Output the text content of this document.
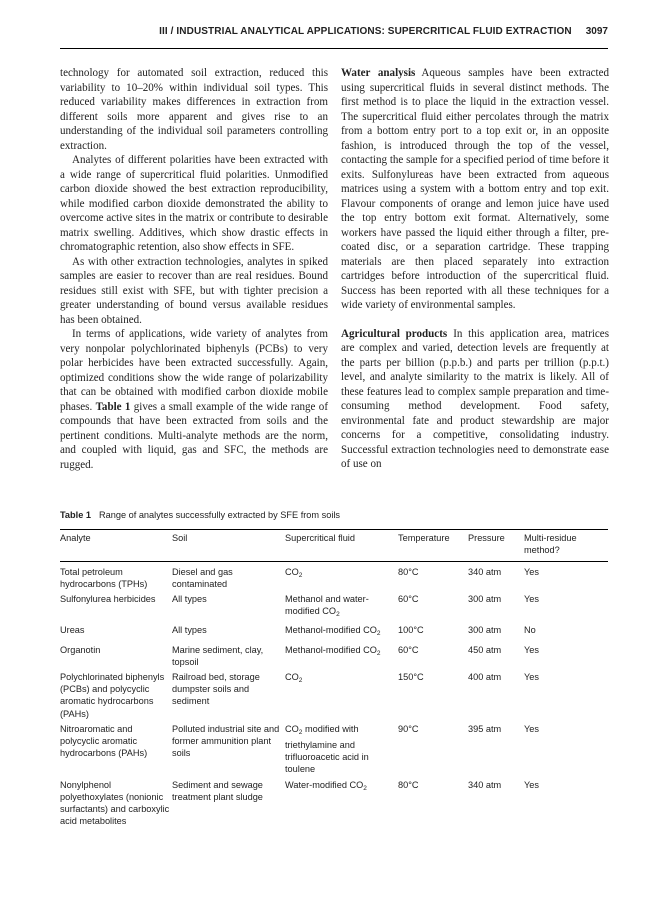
III / INDUSTRIAL ANALYTICAL APPLICATIONS: SUPERCRITICAL FLUID EXTRACTION 3097

technology for automated soil extraction, reduced this variability to 10–20% within individual soil types. This reduced variability makes differences in extraction from different soils more apparent and gives rise to an understanding of the individual soil parameters controlling extraction.

Analytes of different polarities have been extracted with a wide range of supercritical fluid polarities. Unmodified carbon dioxide showed the best extraction reproducibility, while modified carbon dioxide demonstrated the ability to overcome active sites in the matrix or contribute to desirable matrix swelling. Additives, which show drastic effects in chromatographic retention, also show effects in SFE.

As with other extraction technologies, analytes in spiked samples are easier to recover than are real residues. Bound residues still exist with SFE, but with tighter precision a greater understanding of bound versus available residues has been obtained.

In terms of applications, wide variety of analytes from very nonpolar polychlorinated biphenyls (PCBs) to very polar herbicides have been extracted successfully. Again, optimized conditions show the wide range of polarizability that can be obtained with modified carbon dioxide mobile phases. Table 1 gives a small example of the wide range of compounds that have been extracted from soils and the pertinent conditions. Multi-analyte methods are the norm, and coupled with liquid, gas and SFC, the methods are rugged.

Water analysis Aqueous samples have been extracted using supercritical fluids in several distinct methods. The first method is to place the liquid in the extraction vessel. The supercritical fluid either percolates through the matrix from a bottom entry port to a top exit or, in an opposite fashion, is introduced through the top of the vessel, contacting the sample for a specified period of time before it exits. Sulfonylureas have been extracted from aqueous matrices using a system with a bottom entry and top exit. Flavour components of orange and lemon juice have used the top entry bottom exit format. Alternatively, some workers have passed the liquid either through a filter, pre-coated disc, or a separation cartridge. These trapping materials are then placed separately into extraction cartridges before introduction of the supercritical fluid. Success has been reported with all these techniques for a wide variety of environmental samples.

Agricultural products In this application area, matrices are complex and varied, detection levels are frequently at the parts per billion (p.p.b.) and parts per trillion (p.p.t.) level, and analyte similarity to the matrix is likely. All of these features lead to complex sample preparation and time-consuming method development. Food safety, environmental fate and product stewardship are major concerns for a competitive, consolidating industry. Successful extraction technologies need to demonstrate ease of use on

Table 1 Range of analytes successfully extracted by SFE from soils

Analyte	Soil	Supercritical fluid	Temperature	Pressure	Multi-residue method?
Total petroleum hydrocarbons (TPHs)	Diesel and gas contaminated	$CO_2$	80°C	340 atm	Yes
Sulfonylurea herbicides	All types	Methanol and water-modified $CO_2$	60°C	300 atm	Yes
Ureas	All types	Methanol-modified $CO_2$	100°C	300 atm	No
Organotin	Marine sediment, clay, topsoil	Methanol-modified $CO_2$	60°C	450 atm	Yes
Polychlorinated biphenyls (PCBs) and polycyclic aromatic hydrocarbons (PAHs)	Railroad bed, storage dumpster soils and sediment	$CO_2$	150°C	400 atm	Yes
Nitroaromatic and polycyclic aromatic hydrocarbons (PAHs)	Polluted industrial site and former ammunition plant soils	$CO_2$ modified with triethylamine and trifluoroacetic acid in toulene	90°C	395 atm	Yes
Nonylphenol polyethoxylates (nonionic surfactants) and carboxylic acid metabolites	Sediment and sewage treatment plant sludge	Water-modified $CO_2$	80°C	340 atm	Yes
